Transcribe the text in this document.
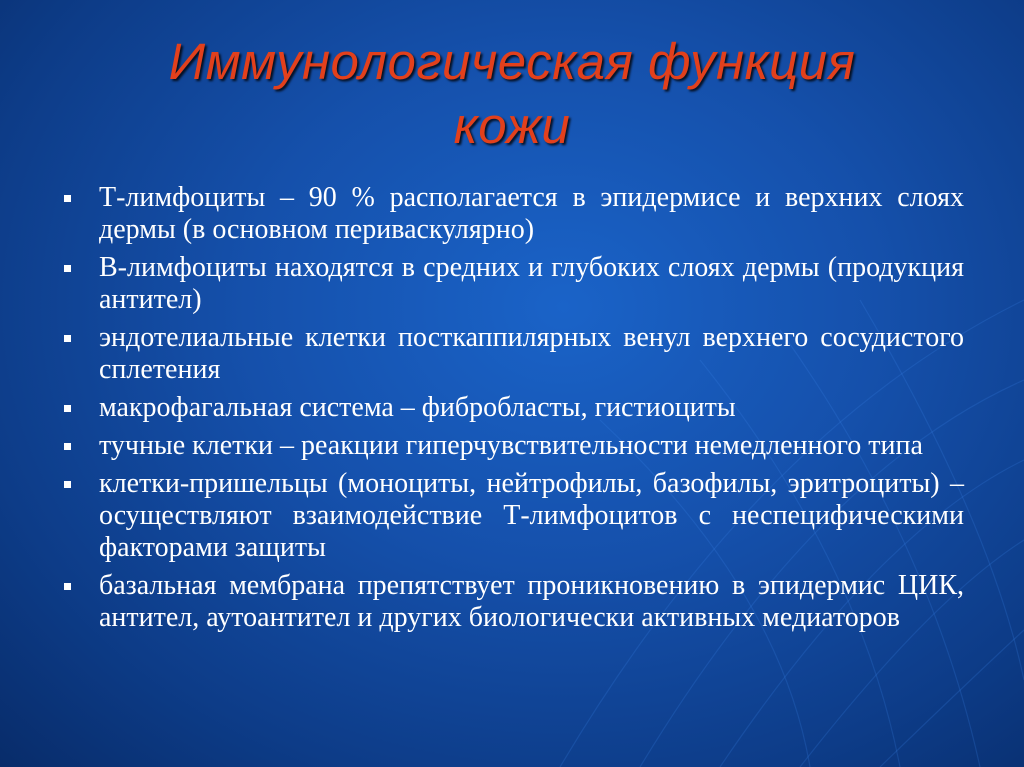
Иммунологическая функция
кожи
Т-лимфоциты – 90 % располагается в эпидермисе и верхних слоях дермы (в основном периваскулярно)
В-лимфоциты находятся в средних и глубоких слоях дермы (продукция антител)
эндотелиальные клетки посткаппилярных венул верхнего сосудистого сплетения
макрофагальная система – фибробласты, гистиоциты
тучные клетки – реакции гиперчувствительности немедленного типа
клетки-пришельцы (моноциты, нейтрофилы, базофилы, эритроциты) – осуществляют взаимодействие Т-лимфоцитов с неспецифическими факторами защиты
базальная мембрана препятствует проникновению в эпидермис ЦИК, антител, аутоантител и других биологически активных медиаторов
